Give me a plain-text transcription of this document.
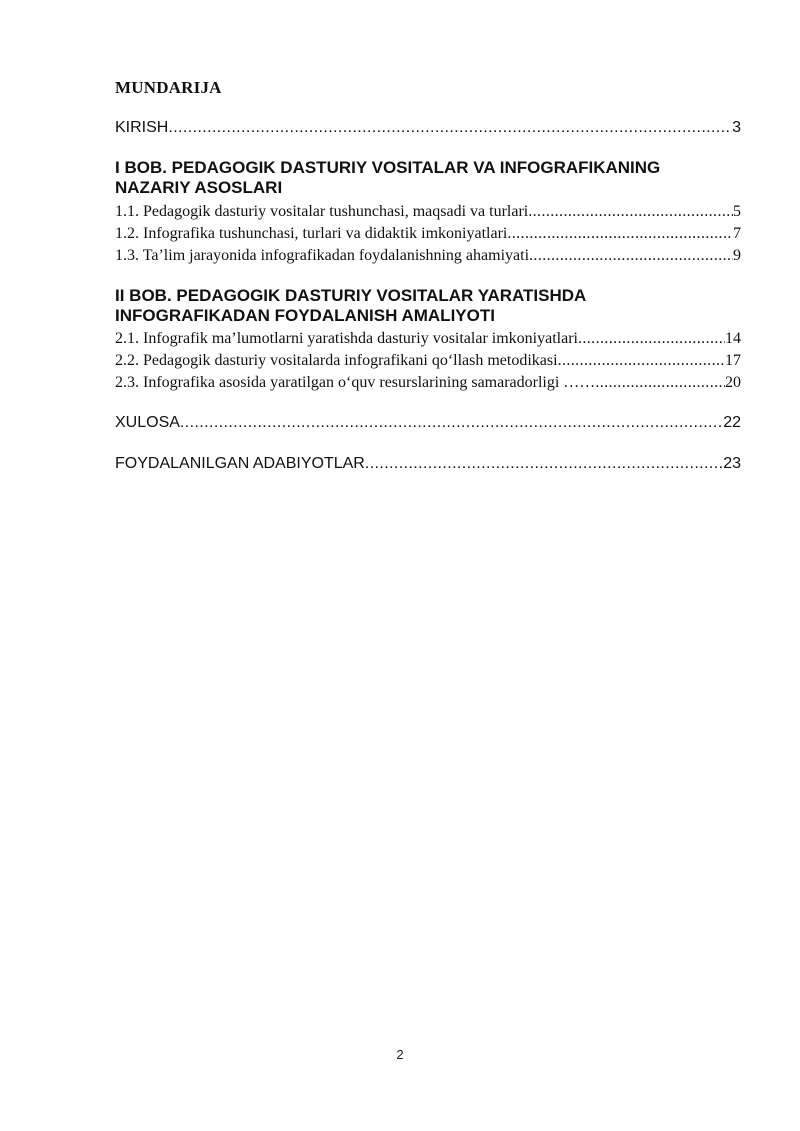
MUNDARIJA
KIRISH .....	3
I BOB. PEDAGOGIK DASTURIY VOSITALAR VA INFOGRAFIKANING
NAZARIY ASOSLARI
1.1. Pedagogik dasturiy vositalar tushunchasi, maqsadi va turlari .....	5
1.2. Infografika tushunchasi, turlari va didaktik imkoniyatlari .....	7
1.3. Ta’lim jarayonida infografikadan foydalanishning ahamiyati .....	9
II BOB. PEDAGOGIK DASTURIY VOSITALAR YARATISHDA
INFOGRAFIKADAN FOYDALANISH AMALIYOTI
2.1. Infografik ma’lumotlarni yaratishda dasturiy vositalar imkoniyatlari .....	14
2.2. Pedagogik dasturiy vositalarda infografikani qo‘llash metodikasi .....	17
2.3. Infografika asosida yaratilgan o‘quv resurslarining samaradorligi …… .....	20
XULOSA .....	22
FOYDALANILGAN ADABIYOTLAR .....	23
2
